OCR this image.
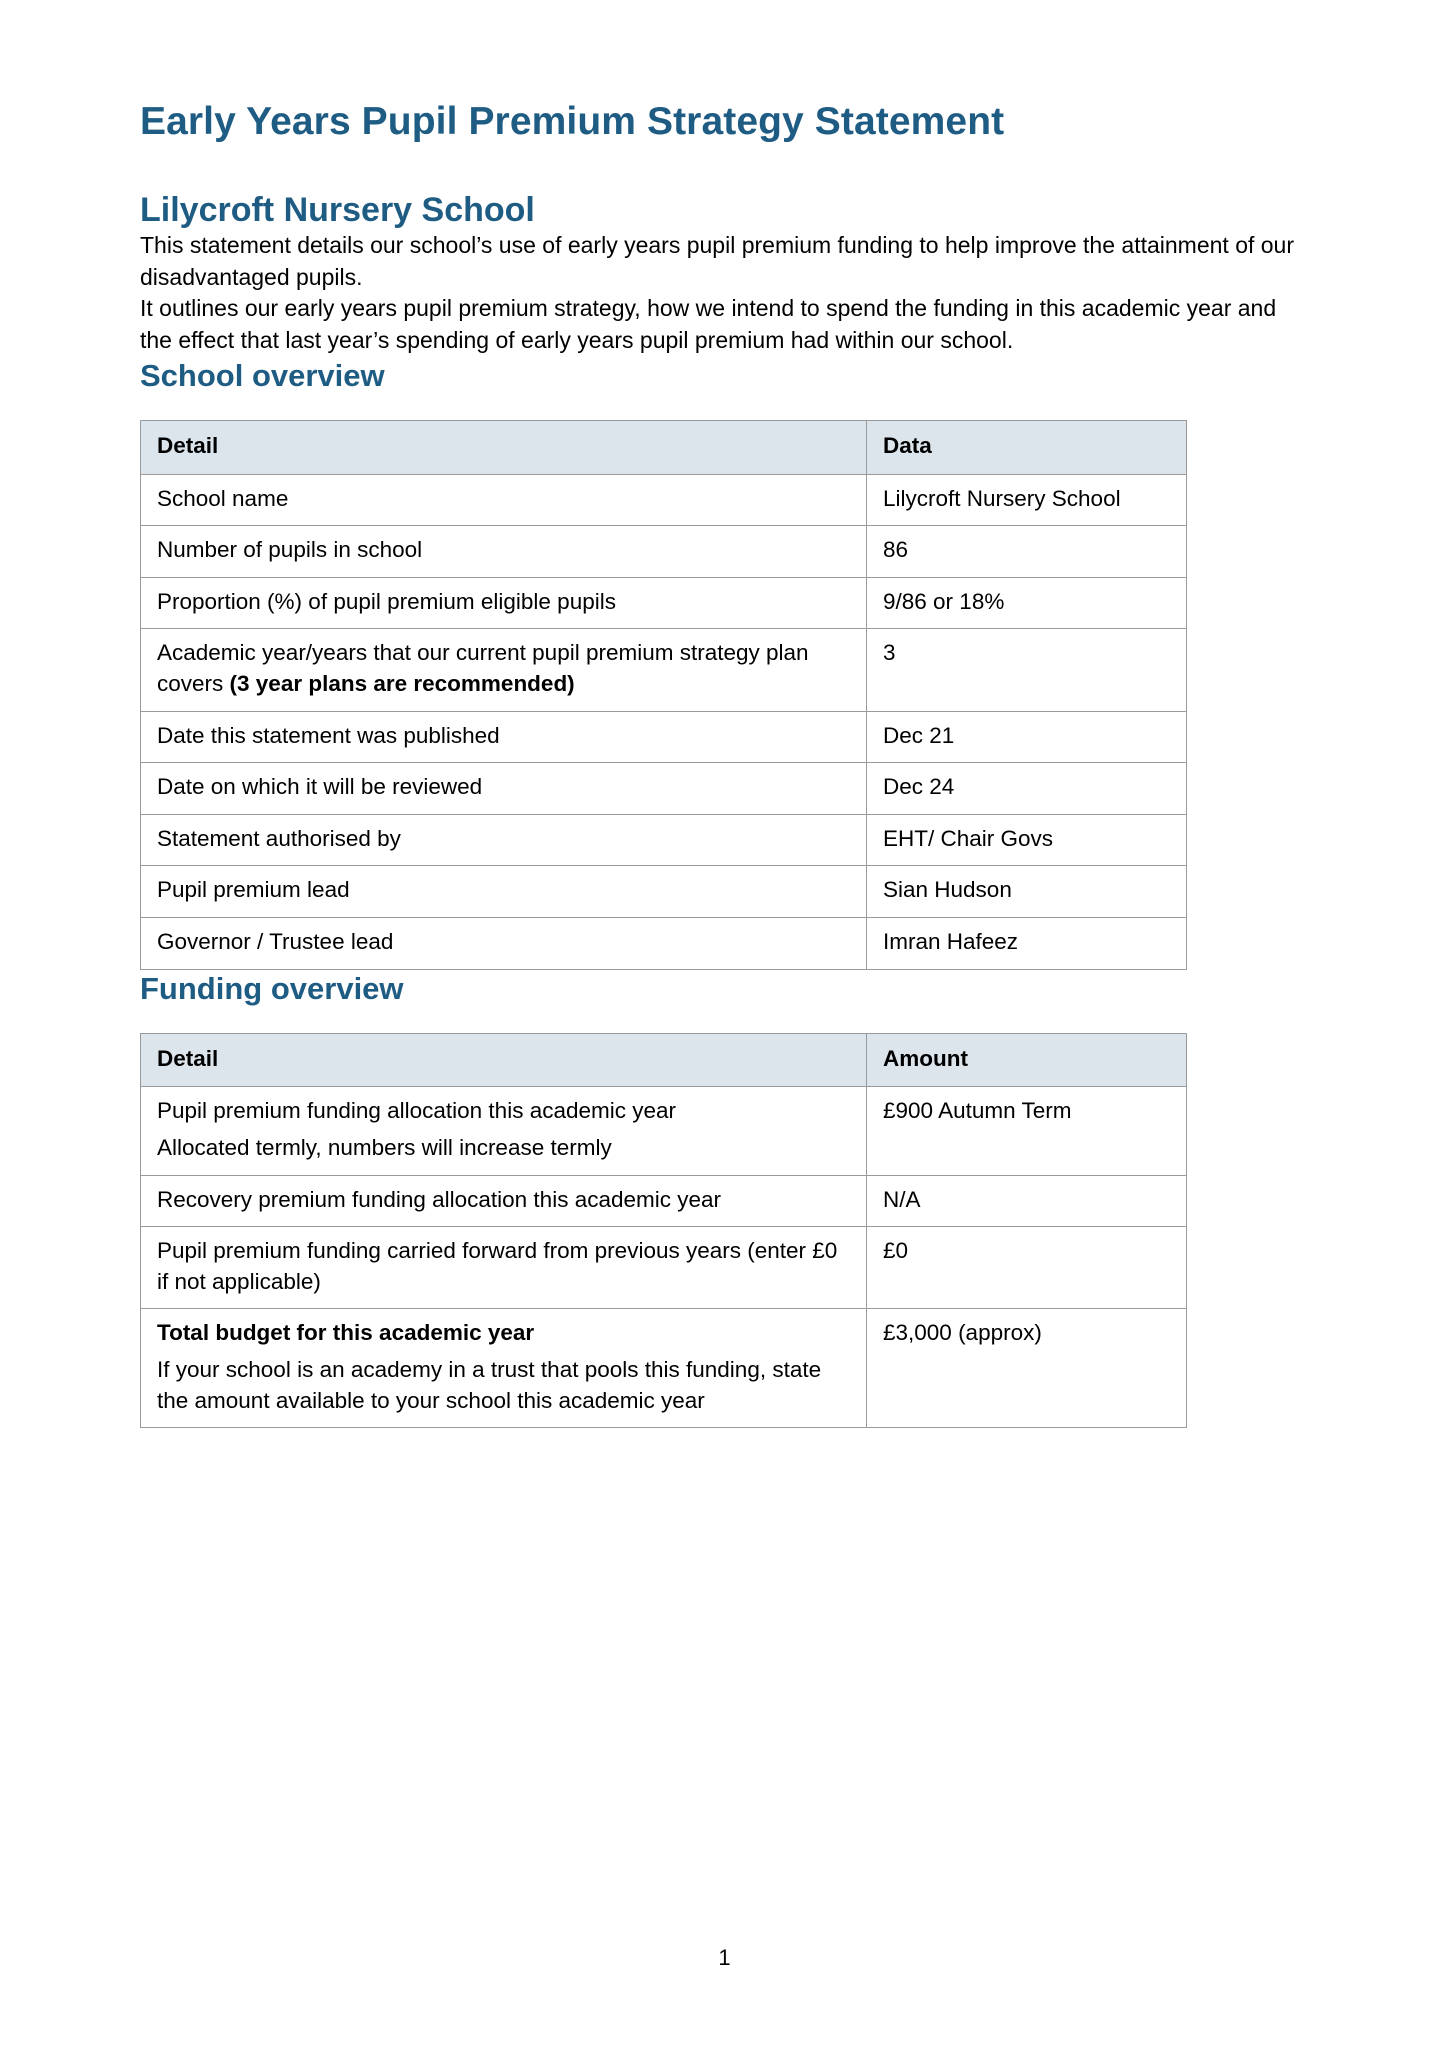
Early Years Pupil Premium Strategy Statement
Lilycroft Nursery School

This statement details our school’s use of early years pupil premium funding to help improve the attainment of our disadvantaged pupils.

It outlines our early years pupil premium strategy, how we intend to spend the funding in this academic year and the effect that last year’s spending of early years pupil premium had within our school.

School overview
Detail	Data
School name	Lilycroft Nursery School
Number of pupils in school	86
Proportion (%) of pupil premium eligible pupils	9/86 or 18%
Academic year/years that our current pupil premium strategy plan covers (3 year plans are recommended)	3
Date this statement was published	Dec 21
Date on which it will be reviewed	Dec 24
Statement authorised by	EHT/ Chair Govs
Pupil premium lead	Sian Hudson
Governor / Trustee lead	Imran Hafeez
Funding overview
Detail	Amount

Pupil premium funding allocation this academic year
Allocated termly, numbers will increase termly	£900 Autumn Term

Recovery premium funding allocation this academic year	N/A

Pupil premium funding carried forward from previous years (enter £0 if not applicable)	£0

Total budget for this academic year
If your school is an academy in a trust that pools this funding, state the amount available to your school this academic year	£3,000 (approx)
1
